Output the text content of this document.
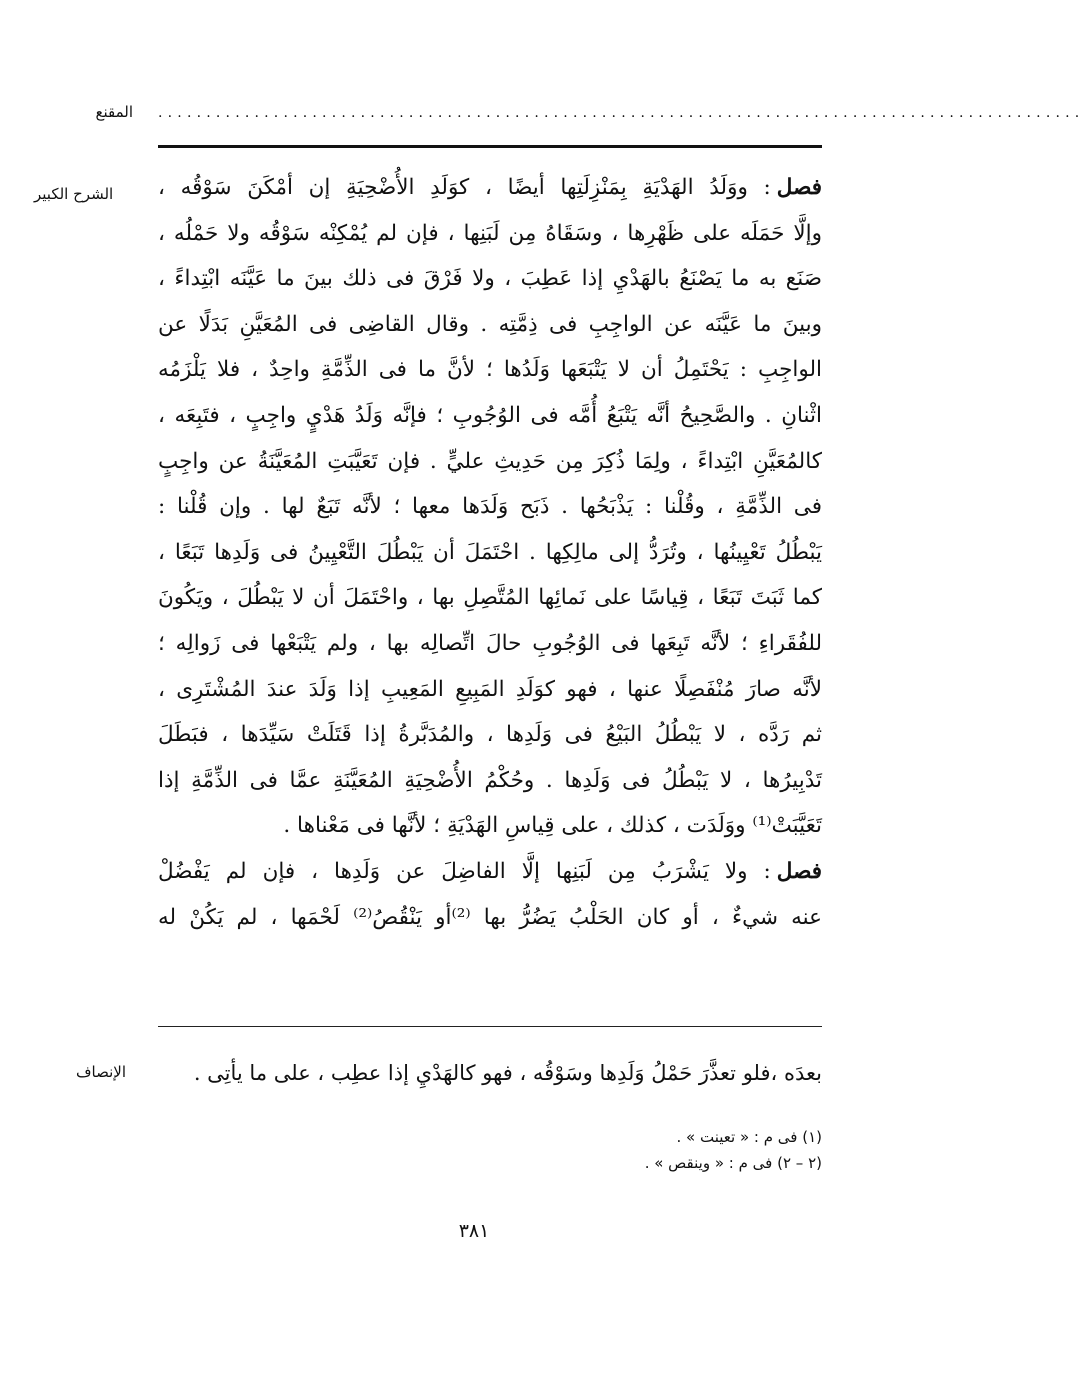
المقنع ................................................................................................
الشرح الكبير	فصل: ووَلَدُ الهَدْيَةِ بِمَنْزِلَتِها أيضًا ، كوَلَدِ الأُضْحِيَةِ إن أمْكَنَ سَوْقُه ،
وإلَّا حَمَلَه على ظَهْرِها ، وسَقَاهُ مِن لَبَنِها ، فإن لم يُمْكِنْه سَوْقُه ولا حَمْلُه ،
صَنَع به ما يَصْنَعُ بالهَدْيِ إذا عَطِبَ ، ولا فَرْقَ فى ذلك بينَ ما عَيَّنَه ابْتِداءً ،
وبينَ ما عَيَّنَه عن الواجِبِ فى ذِمَّتِه . وقال القاضِى فى المُعَيَّنِ بَدَلًا عن
الواجِبِ : يَحْتَمِلُ أن لا يَتْبَعَها وَلَدُها ؛ لأنَّ ما فى الذِّمَّةِ واحِدٌ ، فلا يَلْزَمُه
اثْنانِ . والصَّحِيحُ أنَّه يَتْبَعُ أُمَّه فى الوُجُوبِ ؛ فإنَّه وَلَدُ هَدْيٍ واجِبٍ ، فتَبِعَه ،
كالمُعَيَّنِ ابْتِداءً ، ولِمَا ذُكِرَ مِن حَدِيثِ عليٍّ . فإن تَعَيَّبَتِ المُعَيَّنَةُ عن واجِبٍ
فى الذِّمَّةِ ، وقُلْنا : يَذْبَحُها . ذَبَح وَلَدَها معها ؛ لأنَّه تَبَعٌ لها . وإن قُلْنا :
يَبْطُلُ تَعْيِينُها ، وتُرَدُّ إلى مالِكِها . احْتَمَلَ أن يَبْطُلَ التَّعْيِينُ فى وَلَدِها تَبَعًا ،
كما ثَبَتَ تَبَعًا ، قِياسًا على نَمائِها المُتَّصِلِ بها ، واحْتَمَلَ أن لا يَبْطُلَ ، ويَكُونَ
للفُقَراءِ ؛ لأنَّه تَبِعَها فى الوُجُوبِ حالَ اتِّصالِه بها ، ولم يَتْبَعْها فى زَوالِه ؛
لأنَّه صارَ مُنْفَصِلًا عنها ، فهو كوَلَدِ المَبِيعِ المَعِيبِ إذا وَلَدَ عندَ المُشْتَرِى ،
ثم رَدَّه ، لا يَبْطُلُ البَيْعُ فى وَلَدِها ، والمُدَبَّرةُ إذا قَتَلَتْ سَيِّدَها ، فبَطَلَ
تَدْبِيرُها ، لا يَبْطُلُ فى وَلَدِها . وحُكْمُ الأُضْحِيَةِ المُعَيَّنَةِ عمَّا فى الذِّمَّةِ إذا
تَعَيَّبَتْ⁽¹⁾ ووَلَدَت ، كذلك ، على قِياسِ الهَدْيَةِ ؛ لأنَّها فى مَعْناها .
فصل: ولا يَشْرَبُ مِن لَبَنِها إلَّا الفاضِلَ عن وَلَدِها ، فإن لم يَفْضُلْ
عنه شيءٌ ، أو كان الحَلْبُ يَضُرُّ بها ⁽²⁾أو يَنْقُصُ⁽²⁾ لَحْمَها ، لم يَكُنْ له
الإنصاف	بعدَه ،فلو تعذَّرَ حَمْلُ وَلَدِها وسَوْقُه ، فهو كالهَدْيِ إذا عطِب ، على ما يأتِى .
(١) فى م : « تعينت » .
(٢ – ٢) فى م : « وينقص » .
٣٨١
